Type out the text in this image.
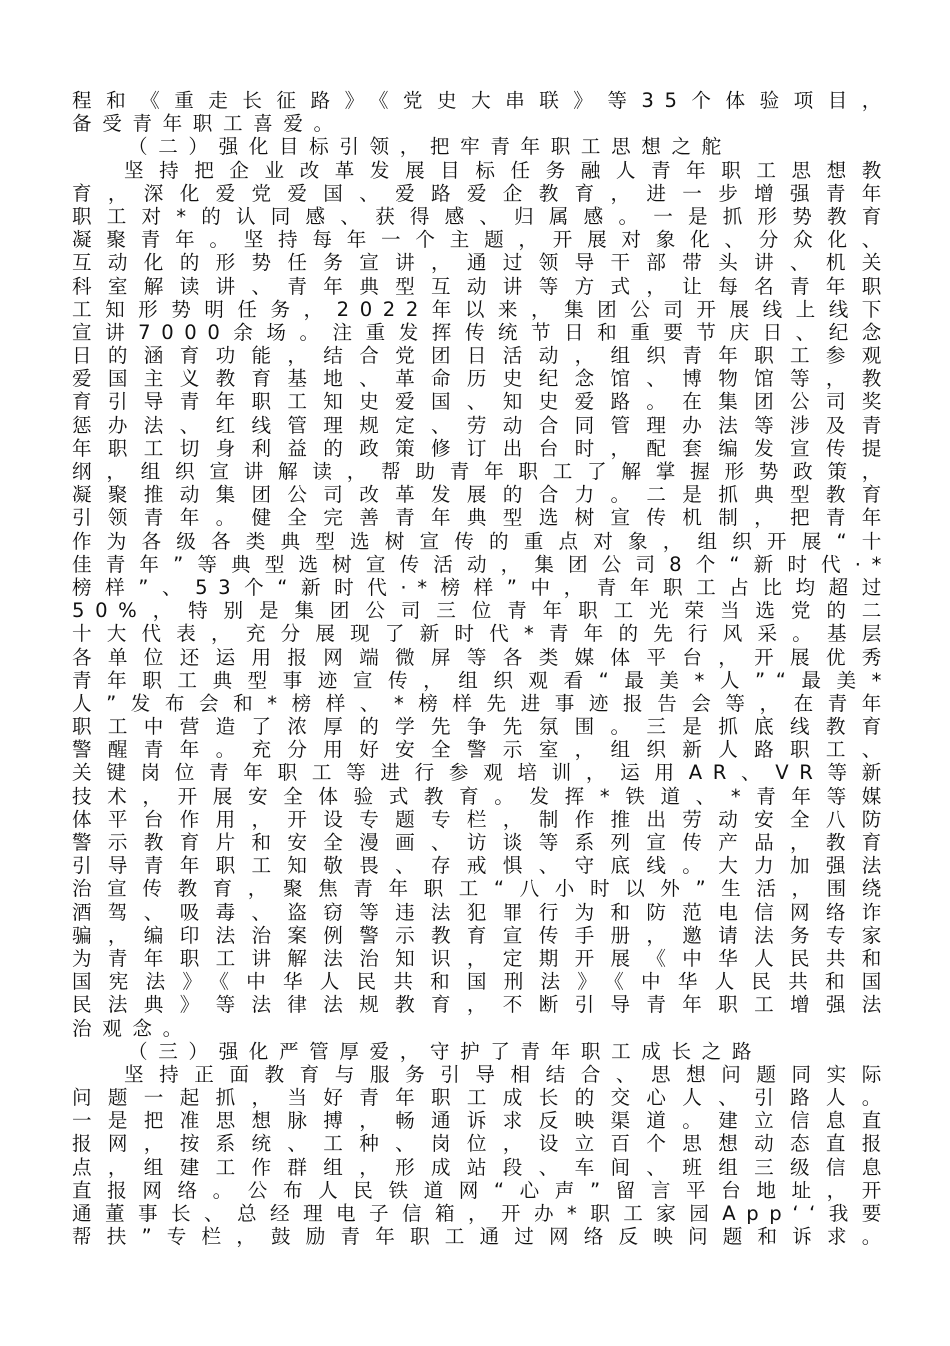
程和《重走长征路》《党史大串联》等35个体验项目，
备受青年职工喜爱。
（二）强化目标引领，把牢青年职工思想之舵
坚持把企业改革发展目标任务融人青年职工思想教
育，深化爱党爱国、爱路爱企教育，进一步增强青年
职工对*的认同感、获得感、归属感。一是抓形势教育
凝聚青年。坚持每年一个主题，开展对象化、分众化、
互动化的形势任务宣讲，通过领导干部带头讲、机关
科室解读讲、青年典型互动讲等方式，让每名青年职
工知形势明任务，2022年以来，集团公司开展线上线下
宣讲7000余场。注重发挥传统节日和重要节庆日、纪念
日的涵育功能，结合党团日活动，组织青年职工参观
爱国主义教育基地、革命历史纪念馆、博物馆等，教
育引导青年职工知史爱国、知史爱路。在集团公司奖
惩办法、红线管理规定、劳动合同管理办法等涉及青
年职工切身利益的政策修订出台时，配套编发宣传提
纲，组织宣讲解读，帮助青年职工了解掌握形势政策，
凝聚推动集团公司改革发展的合力。二是抓典型教育
引领青年。健全完善青年典型选树宣传机制，把青年
作为各级各类典型选树宣传的重点对象，组织开展“十
佳青年”等典型选树宣传活动，集团公司8个“新时代·*
榜样”、53个“新时代·*榜样”中，青年职工占比均超过
50%，特别是集团公司三位青年职工光荣当选党的二
十大代表，充分展现了新时代*青年的先行风采。基层
各单位还运用报网端微屏等各类媒体平台，开展优秀
青年职工典型事迹宣传，组织观看“最美*人”“最美*
人”发布会和*榜样、*榜样先进事迹报告会等，在青年
职工中营造了浓厚的学先争先氛围。三是抓底线教育
警醒青年。充分用好安全警示室，组织新人路职工、
关键岗位青年职工等进行参观培训，运用AR、VR等新
技术，开展安全体验式教育。发挥*铁道、*青年等媒
体平台作用，开设专题专栏，制作推出劳动安全八防
警示教育片和安全漫画、访谈等系列宣传产品，教育
引导青年职工知敬畏、存戒惧、守底线。大力加强法
治宣传教育，聚焦青年职工“八小时以外”生活，围绕
酒驾、吸毒、盗窃等违法犯罪行为和防范电信网络诈
骗，编印法治案例警示教育宣传手册，邀请法务专家
为青年职工讲解法治知识，定期开展《中华人民共和
国宪法》《中华人民共和国刑法》《中华人民共和国
民法典》等法律法规教育，不断引导青年职工增强法
治观念。
（三）强化严管厚爱，守护了青年职工成长之路
坚持正面教育与服务引导相结合、思想问题同实际
问题一起抓，当好青年职工成长的交心人、引路人。
一是把准思想脉搏，畅通诉求反映渠道。建立信息直
报网，按系统、工种、岗位，设立百个思想动态直报
点，组建工作群组，形成站段、车间、班组三级信息
直报网络。公布人民铁道网“心声”留言平台地址，开
通董事长、总经理电子信箱，开办*职工家园App‘‘我要
帮扶”专栏，鼓励青年职工通过网络反映问题和诉求。
